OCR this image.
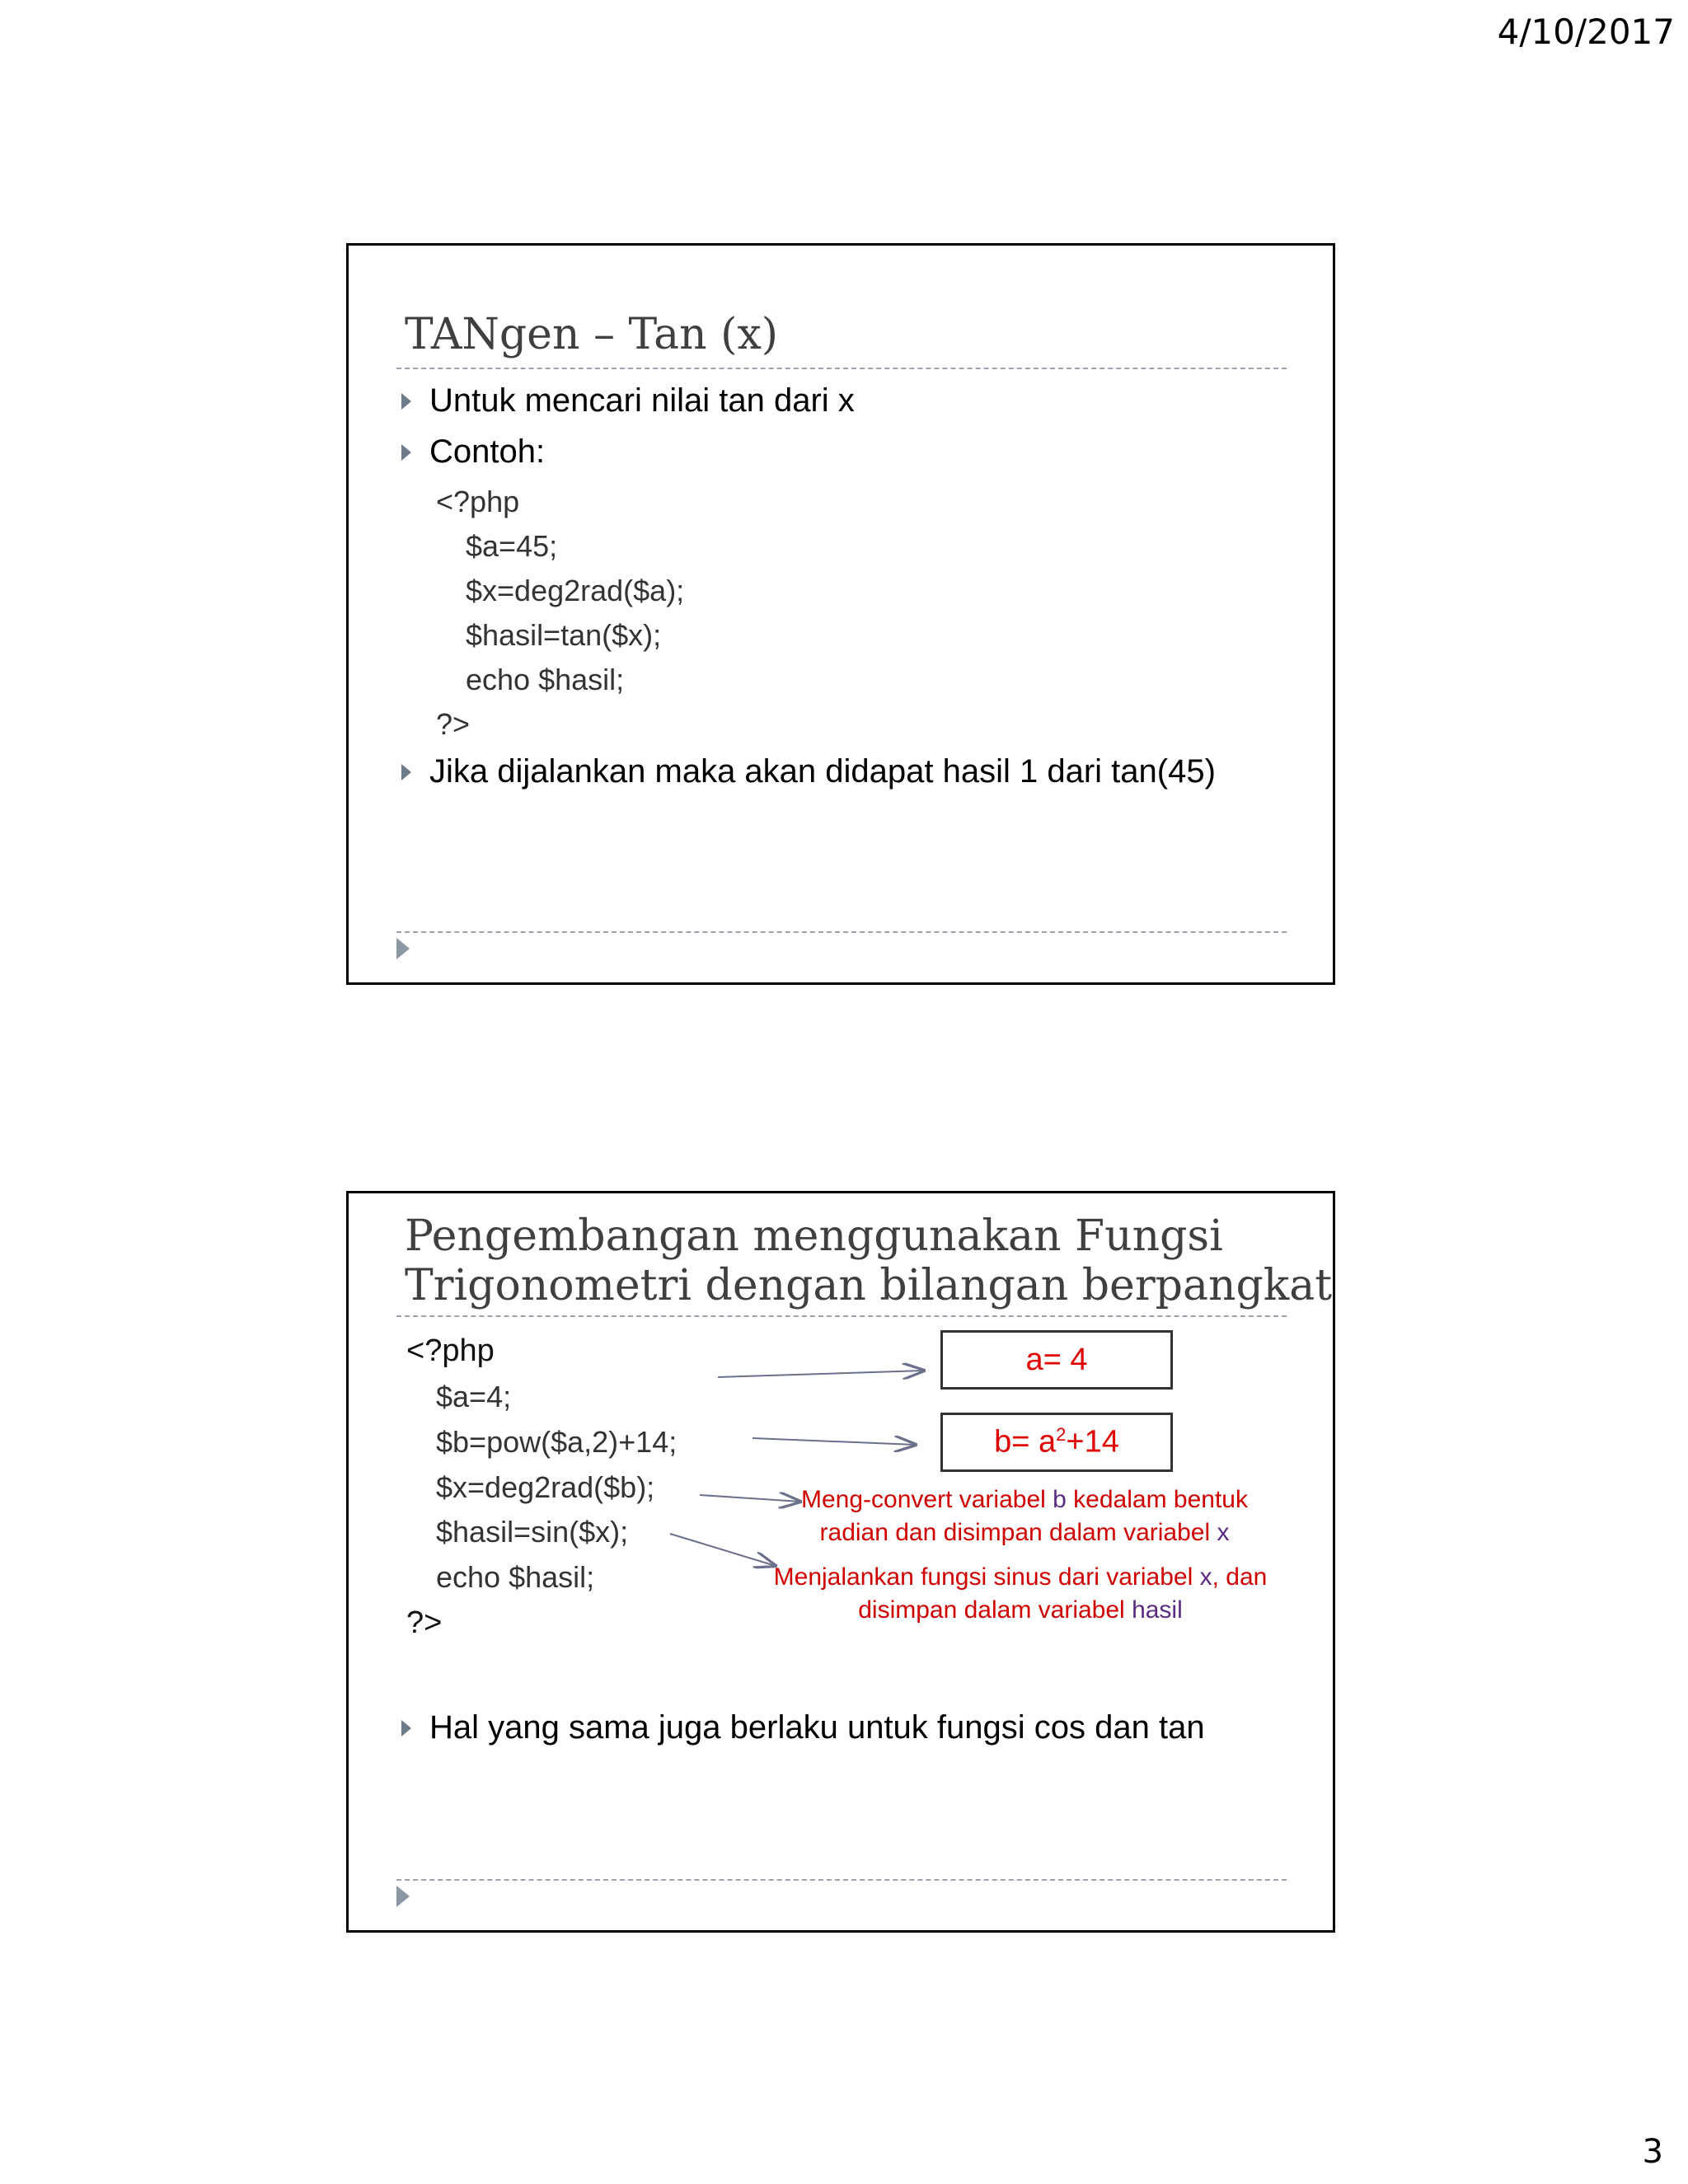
4/10/2017
TANgen – Tan (x)
Untuk mencari nilai tan dari x
Contoh:
<?php
$a=45;
$x=deg2rad($a);
$hasil=tan($x);
echo $hasil;
?>
Jika dijalankan maka akan didapat hasil 1 dari tan(45)
Pengembangan menggunakan Fungsi
Trigonometri dengan bilangan berpangkat
<?php
$a=4;
$b=pow($a,2)+14;
$x=deg2rad($b);
$hasil=sin($x);
echo $hasil;
?>
a= 4
$b= a^2+14$
Meng-convert variabel b kedalam bentuk
radian dan disimpan dalam variabel x
Menjalankan fungsi sinus dari variabel x, dan
disimpan dalam variabel hasil
Hal yang sama juga berlaku untuk fungsi cos dan tan
3
